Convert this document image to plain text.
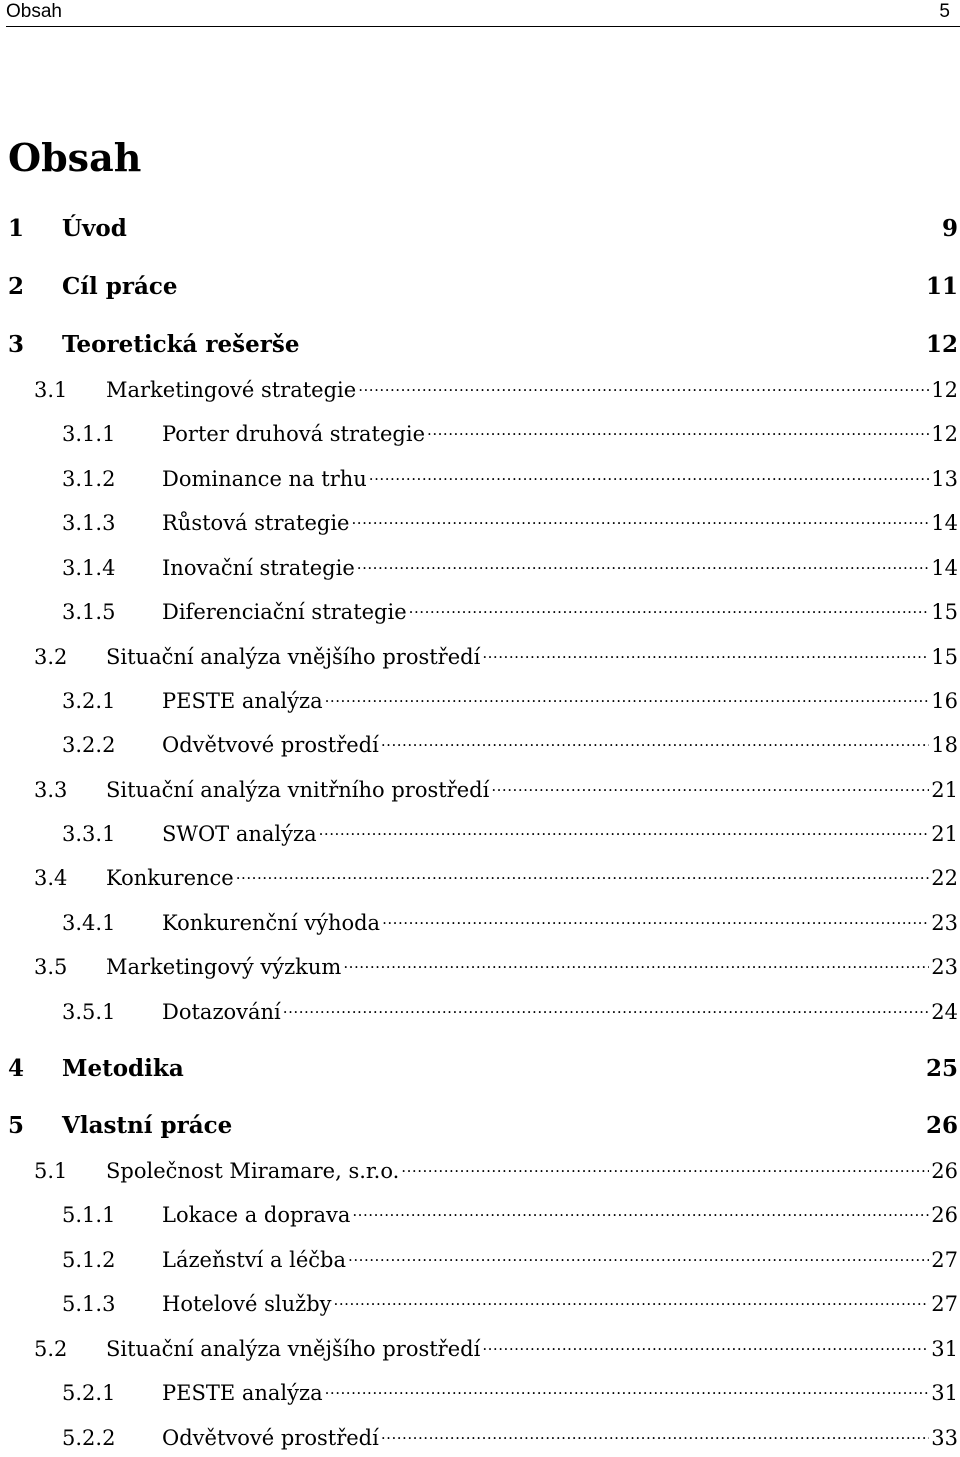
Obsah	5
Obsah
1	Úvod	9
2	Cíl práce	11
3	Teoretická rešerše	12
3.1	Marketingové strategie .....	12
3.1.1	Porter druhová strategie .....	12
3.1.2	Dominance na trhu .....	13
3.1.3	Růstová strategie .....	14
3.1.4	Inovační strategie .....	14
3.1.5	Diferenciační strategie .....	15
3.2	Situační analýza vnějšího prostředí .....	15
3.2.1	PESTE analýza .....	16
3.2.2	Odvětvové prostředí .....	18
3.3	Situační analýza vnitřního prostředí .....	21
3.3.1	SWOT analýza .....	21
3.4	Konkurence .....	22
3.4.1	Konkurenční výhoda .....	23
3.5	Marketingový výzkum .....	23
3.5.1	Dotazování .....	24
4	Metodika	25
5	Vlastní práce	26
5.1	Společnost Miramare, s.r.o. .....	26
5.1.1	Lokace a doprava .....	26
5.1.2	Lázeňství a léčba .....	27
5.1.3	Hotelové služby .....	27
5.2	Situační analýza vnějšího prostředí .....	31
5.2.1	PESTE analýza .....	31
5.2.2	Odvětvové prostředí .....	33
